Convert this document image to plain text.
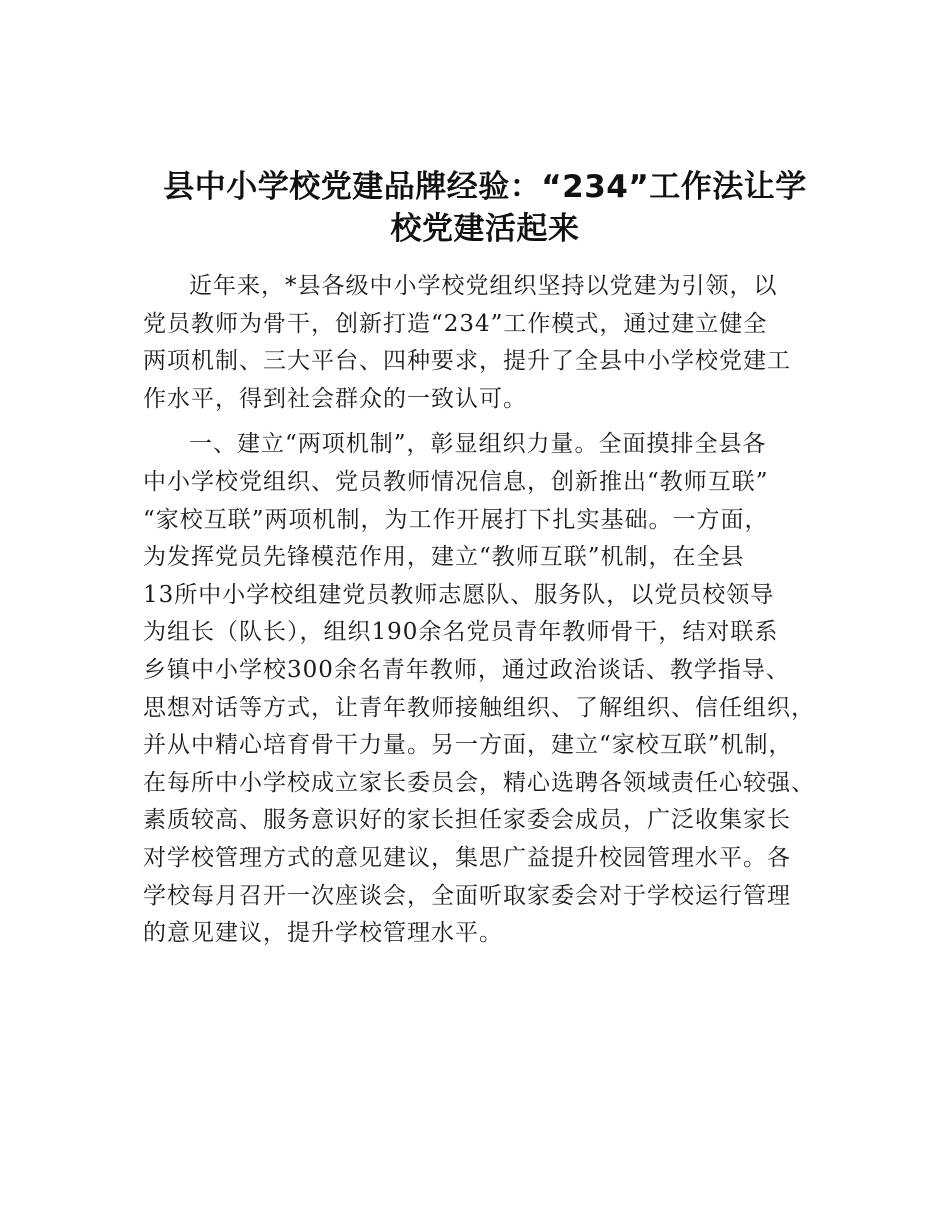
县中小学校党建品牌经验：“234”工作法让学
校党建活起来
近年来，*县各级中小学校党组织坚持以党建为引领，以
党员教师为骨干，创新打造“234”工作模式，通过建立健全
两项机制、三大平台、四种要求，提升了全县中小学校党建工
作水平，得到社会群众的一致认可。
一、建立“两项机制”，彰显组织力量。全面摸排全县各
中小学校党组织、党员教师情况信息，创新推出“教师互联”
“家校互联”两项机制，为工作开展打下扎实基础。一方面，
为发挥党员先锋模范作用，建立“教师互联”机制，在全县
13所中小学校组建党员教师志愿队、服务队，以党员校领导
为组长（队长），组织190余名党员青年教师骨干，结对联系
乡镇中小学校300余名青年教师，通过政治谈话、教学指导、
思想对话等方式，让青年教师接触组织、了解组织、信任组织，
并从中精心培育骨干力量。另一方面，建立“家校互联”机制，
在每所中小学校成立家长委员会，精心选聘各领域责任心较强、
素质较高、服务意识好的家长担任家委会成员，广泛收集家长
对学校管理方式的意见建议，集思广益提升校园管理水平。各
学校每月召开一次座谈会，全面听取家委会对于学校运行管理
的意见建议，提升学校管理水平。
